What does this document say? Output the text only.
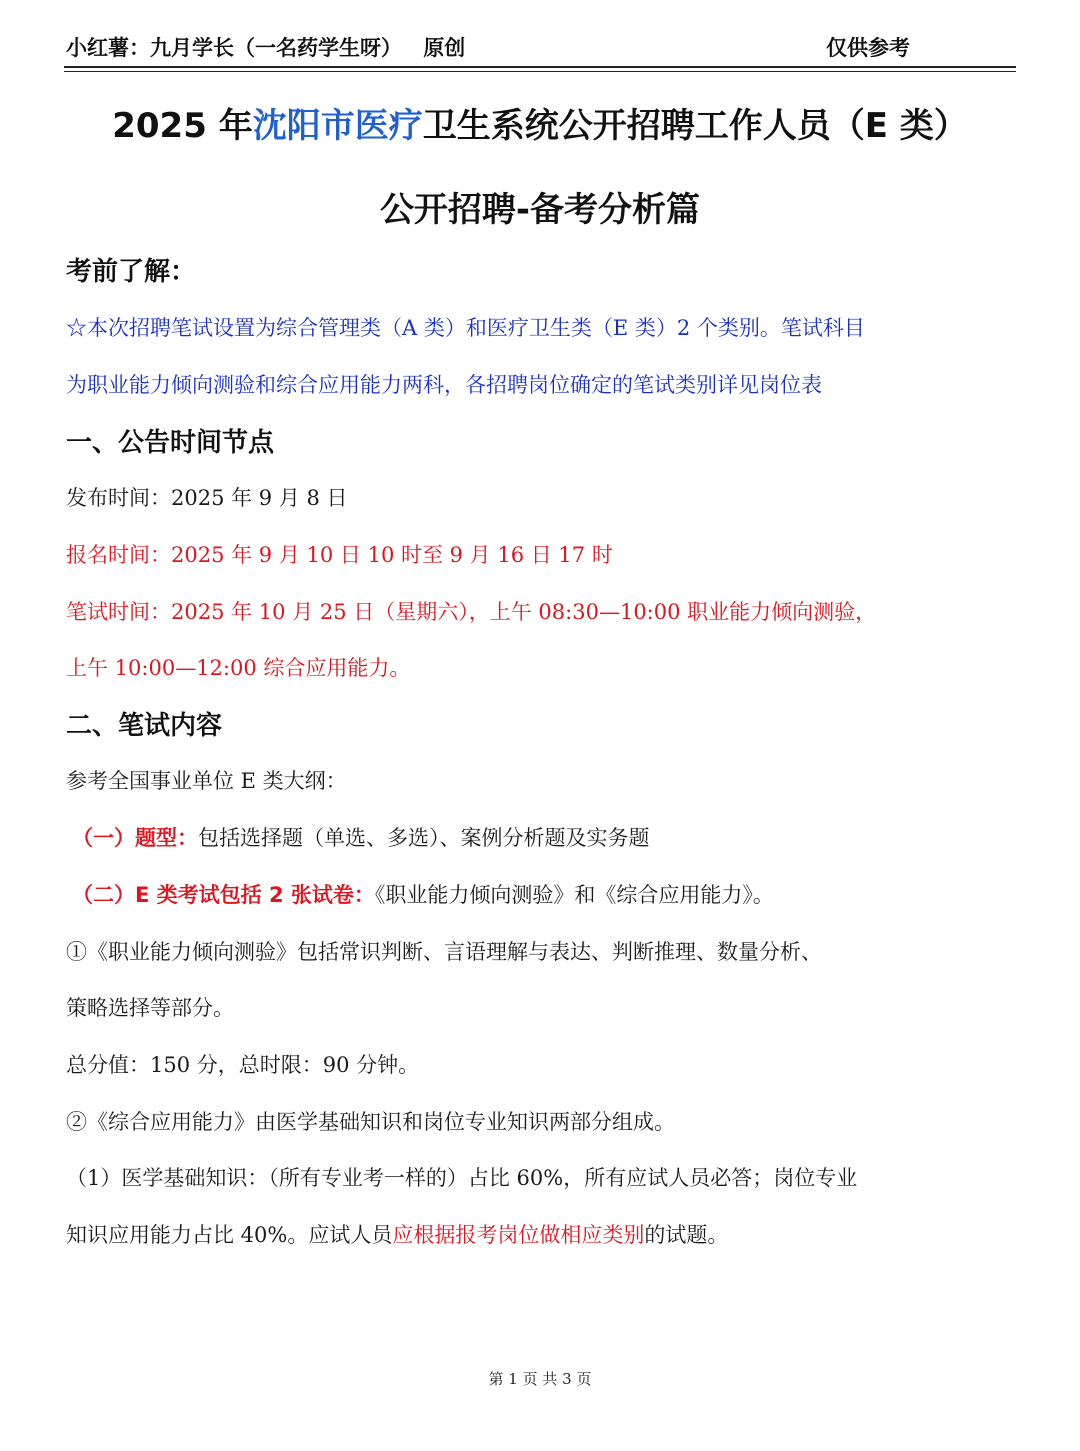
小红薯：九月学长（一名药学生呀） 原创	仅供参考
2025 年沈阳市医疗卫生系统公开招聘工作人员（E 类）
公开招聘-备考分析篇
考前了解：
☆本次招聘笔试设置为综合管理类（A 类）和医疗卫生类（E 类）2 个类别。笔试科目
为职业能力倾向测验和综合应用能力两科，各招聘岗位确定的笔试类别详见岗位表
一、公告时间节点
发布时间：2025 年 9 月 8 日
报名时间：2025 年 9 月 10 日 10 时至 9 月 16 日 17 时
笔试时间：2025 年 10 月 25 日（星期六），上午 08:30—10:00 职业能力倾向测验，
上午 10:00—12:00 综合应用能力。
二、笔试内容
参考全国事业单位 E 类大纲：
（一）题型：包括选择题（单选、多选）、案例分析题及实务题
（二）E 类考试包括 2 张试卷：《职业能力倾向测验》和《综合应用能力》。
①《职业能力倾向测验》包括常识判断、言语理解与表达、判断推理、数量分析、
策略选择等部分。
总分值：150 分，总时限：90 分钟。
②《综合应用能力》由医学基础知识和岗位专业知识两部分组成。
（1）医学基础知识：（所有专业考一样的）占比 60%，所有应试人员必答；岗位专业
知识应用能力占比 40%。应试人员应根据报考岗位做相应类别的试题。
第 1 页 共 3 页
